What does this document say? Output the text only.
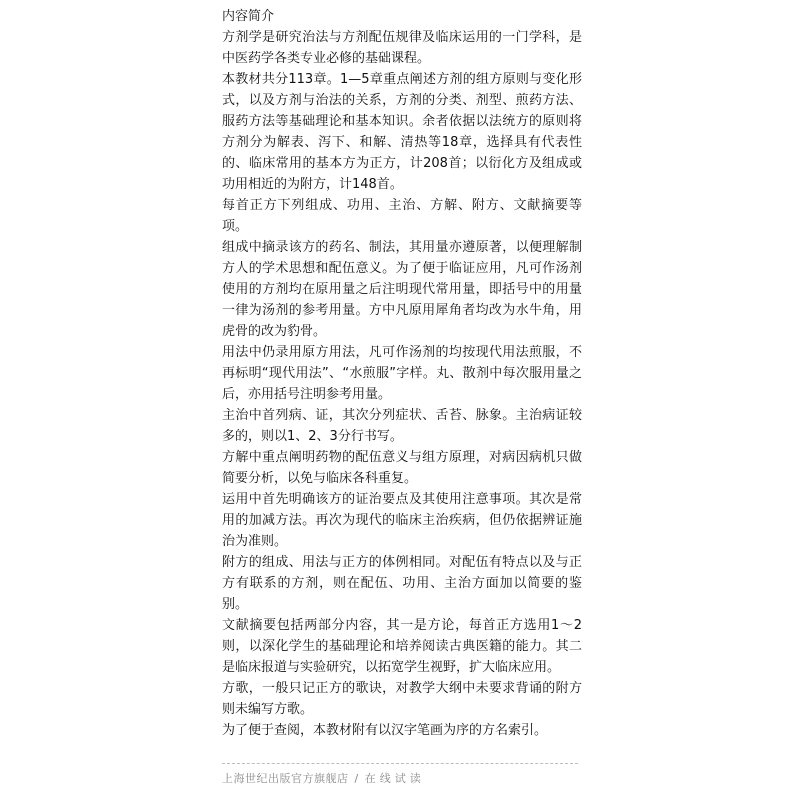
内容简介

方剂学是研究治法与方剂配伍规律及临床运用的一门学科，是中医药学各类专业必修的基础课程。

本教材共分113章。1—5章重点阐述方剂的组方原则与变化形式，以及方剂与治法的关系，方剂的分类、剂型、煎药方法、服药方法等基础理论和基本知识。余者依据以法统方的原则将方剂分为解表、泻下、和解、清热等18章，选择具有代表性的、临床常用的基本方为正方，计208首；以衍化方及组成或功用相近的为附方，计148首。

每首正方下列组成、功用、主治、方解、附方、文献摘要等项。

组成中摘录该方的药名、制法，其用量亦遵原著，以便理解制方人的学术思想和配伍意义。为了便于临证应用，凡可作汤剂使用的方剂均在原用量之后注明现代常用量，即括号中的用量一律为汤剂的参考用量。方中凡原用犀角者均改为水牛角，用虎骨的改为豹骨。

用法中仍录用原方用法，凡可作汤剂的均按现代用法煎服，不再标明“现代用法”、“水煎服”字样。丸、散剂中每次服用量之后，亦用括号注明参考用量。

主治中首列病、证，其次分列症状、舌苔、脉象。主治病证较多的，则以1、2、3分行书写。

方解中重点阐明药物的配伍意义与组方原理，对病因病机只做简要分析，以免与临床各科重复。

运用中首先明确该方的证治要点及其使用注意事项。其次是常用的加减方法。再次为现代的临床主治疾病，但仍依据辨证施治为准则。

附方的组成、用法与正方的体例相同。对配伍有特点以及与正方有联系的方剂，则在配伍、功用、主治方面加以简要的鉴别。

文献摘要包括两部分内容，其一是方论，每首正方选用1～2则，以深化学生的基础理论和培养阅读古典医籍的能力。其二是临床报道与实验研究，以拓宽学生视野，扩大临床应用。

方歌，一般只记正方的歌诀，对教学大纲中未要求背诵的附方则未编写方歌。

为了便于查阅，本教材附有以汉字笔画为序的方名索引。

上海世纪出版官方旗舰店 / 在线试读
